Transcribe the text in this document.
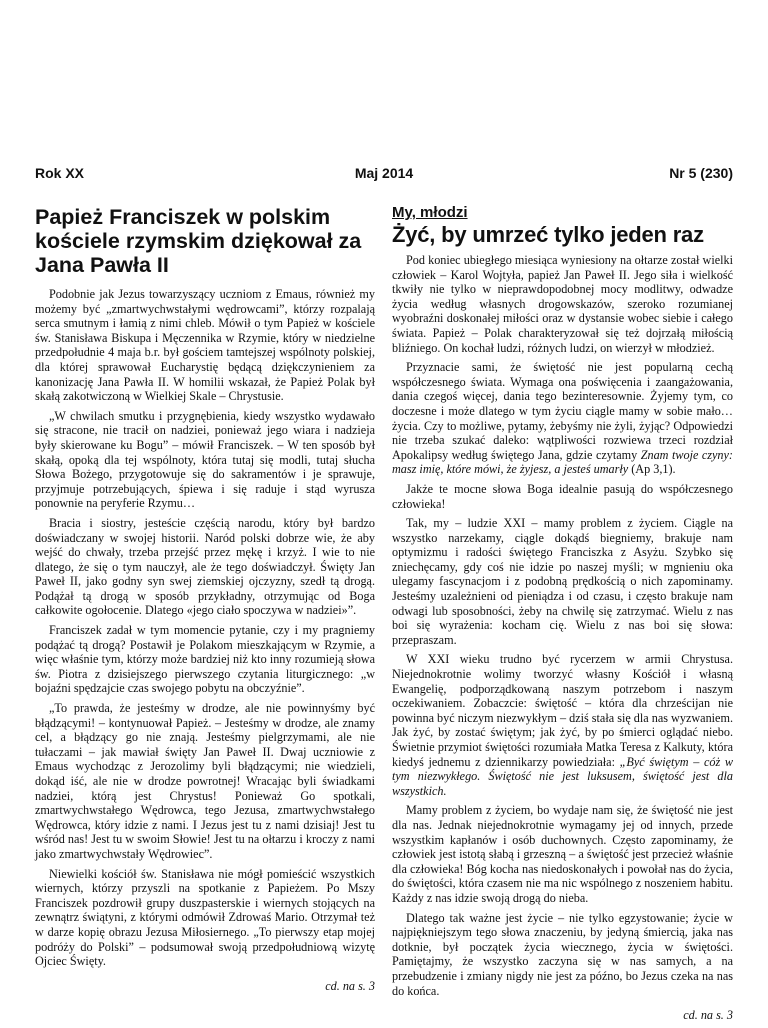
Rok XX	Maj 2014	Nr 5 (230)
Papież Franciszek w polskim kościele rzymskim dziękował za Jana Pawła II

Podobnie jak Jezus towarzyszący uczniom z Emaus, również my możemy być „zmartwychwstałymi wędrowcami”, którzy rozpalają serca smutnym i łamią z nimi chleb. Mówił o tym Papież w kościele św. Stanisława Biskupa i Męczennika w Rzymie, który w niedzielne przedpołudnie 4 maja b.r. był gościem tamtejszej wspólnoty polskiej, dla której sprawował Eucharystię będącą dziękczynieniem za kanonizację Jana Pawła II. W homilii wskazał, że Papież Polak był skałą zakotwiczoną w Wielkiej Skale – Chrystusie.

„W chwilach smutku i przygnębienia, kiedy wszystko wydawało się stracone, nie tracił on nadziei, ponieważ jego wiara i nadzieja były skierowane ku Bogu” – mówił Franciszek. – W ten sposób był skałą, opoką dla tej wspólnoty, która tutaj się modli, tutaj słucha Słowa Bożego, przygotowuje się do sakramentów i je sprawuje, przyjmuje potrzebujących, śpiewa i się raduje i stąd wyrusza ponownie na peryferie Rzymu…

Bracia i siostry, jesteście częścią narodu, który był bardzo doświadczany w swojej historii. Naród polski dobrze wie, że aby wejść do chwały, trzeba przejść przez mękę i krzyż. I wie to nie dlatego, że się o tym nauczył, ale że tego doświadczył. Święty Jan Paweł II, jako godny syn swej ziemskiej ojczyzny, szedł tą drogą. Podążał tą drogą w sposób przykładny, otrzymując od Boga całkowite ogołocenie. Dlatego «jego ciało spoczywa w nadziei»”.

Franciszek zadał w tym momencie pytanie, czy i my pragniemy podążać tą drogą? Postawił je Polakom mieszkającym w Rzymie, a więc właśnie tym, którzy może bardziej niż kto inny rozumieją słowa św. Piotra z dzisiejszego pierwszego czytania liturgicznego: „w bojaźni spędzajcie czas swojego pobytu na obczyźnie”.

„To prawda, że jesteśmy w drodze, ale nie powinnyśmy być błądzącymi! – kontynuował Papież. – Jesteśmy w drodze, ale znamy cel, a błądzący go nie znają. Jesteśmy pielgrzymami, ale nie tułaczami – jak mawiał święty Jan Paweł II. Dwaj uczniowie z Emaus wychodząc z Jerozolimy byli błądzącymi; nie wiedzieli, dokąd iść, ale nie w drodze powrotnej! Wracając byli świadkami nadziei, którą jest Chrystus! Ponieważ Go spotkali, zmartwychwstałego Wędrowca, tego Jezusa, zmartwychwstałego Wędrowca, który idzie z nami. I Jezus jest tu z nami dzisiaj! Jest tu wśród nas! Jest tu w swoim Słowie! Jest tu na ołtarzu i kroczy z nami jako zmartwychwstały Wędrowiec”.

Niewielki kościół św. Stanisława nie mógł pomieścić wszystkich wiernych, którzy przyszli na spotkanie z Papieżem. Po Mszy Franciszek pozdrowił grupy duszpasterskie i wiernych stojących na zewnątrz świątyni, z którymi odmówił Zdrowaś Mario. Otrzymał też w darze kopię obrazu Jezusa Miłosiernego. „To pierwszy etap mojej podróży do Polski” – podsumował swoją przedpołudniową wizytę Ojciec Święty.

cd. na s. 3

My, młodzi
Żyć, by umrzeć tylko jeden raz

Pod koniec ubiegłego miesiąca wyniesiony na ołtarze został wielki człowiek – Karol Wojtyła, papież Jan Paweł II. Jego siła i wielkość tkwiły nie tylko w nieprawdopodobnej mocy modlitwy, odwadze życia według własnych drogowskazów, szeroko rozumianej wyobraźni doskonałej miłości oraz w dystansie wobec siebie i całego świata. Papież – Polak charakteryzował się też dojrzałą miłością bliźniego. On kochał ludzi, różnych ludzi, on wierzył w młodzież.

Przyznacie sami, że świętość nie jest popularną cechą współczesnego świata. Wymaga ona poświęcenia i zaangażowania, dania czegoś więcej, dania tego bezinteresownie. Żyjemy tym, co doczesne i może dlatego w tym życiu ciągle mamy w sobie mało… życia. Czy to możliwe, pytamy, żebyśmy nie żyli, żyjąc? Odpowiedzi nie trzeba szukać daleko: wątpliwości rozwiewa trzeci rozdział Apokalipsy według świętego Jana, gdzie czytamy Znam twoje czyny: masz imię, które mówi, że żyjesz, a jesteś umarły (Ap 3,1).

Jakże te mocne słowa Boga idealnie pasują do współczesnego człowieka!

Tak, my – ludzie XXI – mamy problem z życiem. Ciągle na wszystko narzekamy, ciągle dokądś biegniemy, brakuje nam optymizmu i radości świętego Franciszka z Asyżu. Szybko się zniechęcamy, gdy coś nie idzie po naszej myśli; w mgnieniu oka ulegamy fascynacjom i z podobną prędkością o nich zapominamy. Jesteśmy uzależnieni od pieniądza i od czasu, i często brakuje nam odwagi lub sposobności, żeby na chwilę się zatrzymać. Wielu z nas boi się wyrażenia: kocham cię. Wielu z nas boi się słowa: przepraszam.

W XXI wieku trudno być rycerzem w armii Chrystusa. Niejednokrotnie wolimy tworzyć własny Kościół i własną Ewangelię, podporządkowaną naszym potrzebom i naszym oczekiwaniem. Zobaczcie: świętość – która dla chrześcijan nie powinna być niczym niezwykłym – dziś stała się dla nas wyzwaniem. Jak żyć, by zostać świętym; jak żyć, by po śmierci oglądać niebo. Świetnie przymiot świętości rozumiała Matka Teresa z Kalkuty, która kiedyś jednemu z dziennikarzy powiedziała: „Być świętym – cóż w tym niezwykłego. Świętość nie jest luksusem, świętość jest dla wszystkich.

Mamy problem z życiem, bo wydaje nam się, że świętość nie jest dla nas. Jednak niejednokrotnie wymagamy jej od innych, przede wszystkim kapłanów i osób duchownych. Często zapominamy, że człowiek jest istotą słabą i grzeszną – a świętość jest przecież właśnie dla człowieka! Bóg kocha nas niedoskonałych i powołał nas do życia, do świętości, która czasem nie ma nic wspólnego z noszeniem habitu. Każdy z nas idzie swoją drogą do nieba.

Dlatego tak ważne jest życie – nie tylko egzystowanie; życie w najpiękniejszym tego słowa znaczeniu, by jedyną śmiercią, jaka nas dotknie, był początek życia wiecznego, życia w świętości. Pamiętajmy, że wszystko zaczyna się w nas samych, a na przebudzenie i zmiany nigdy nie jest za późno, bo Jezus czeka na nas do końca.

cd. na s. 3
